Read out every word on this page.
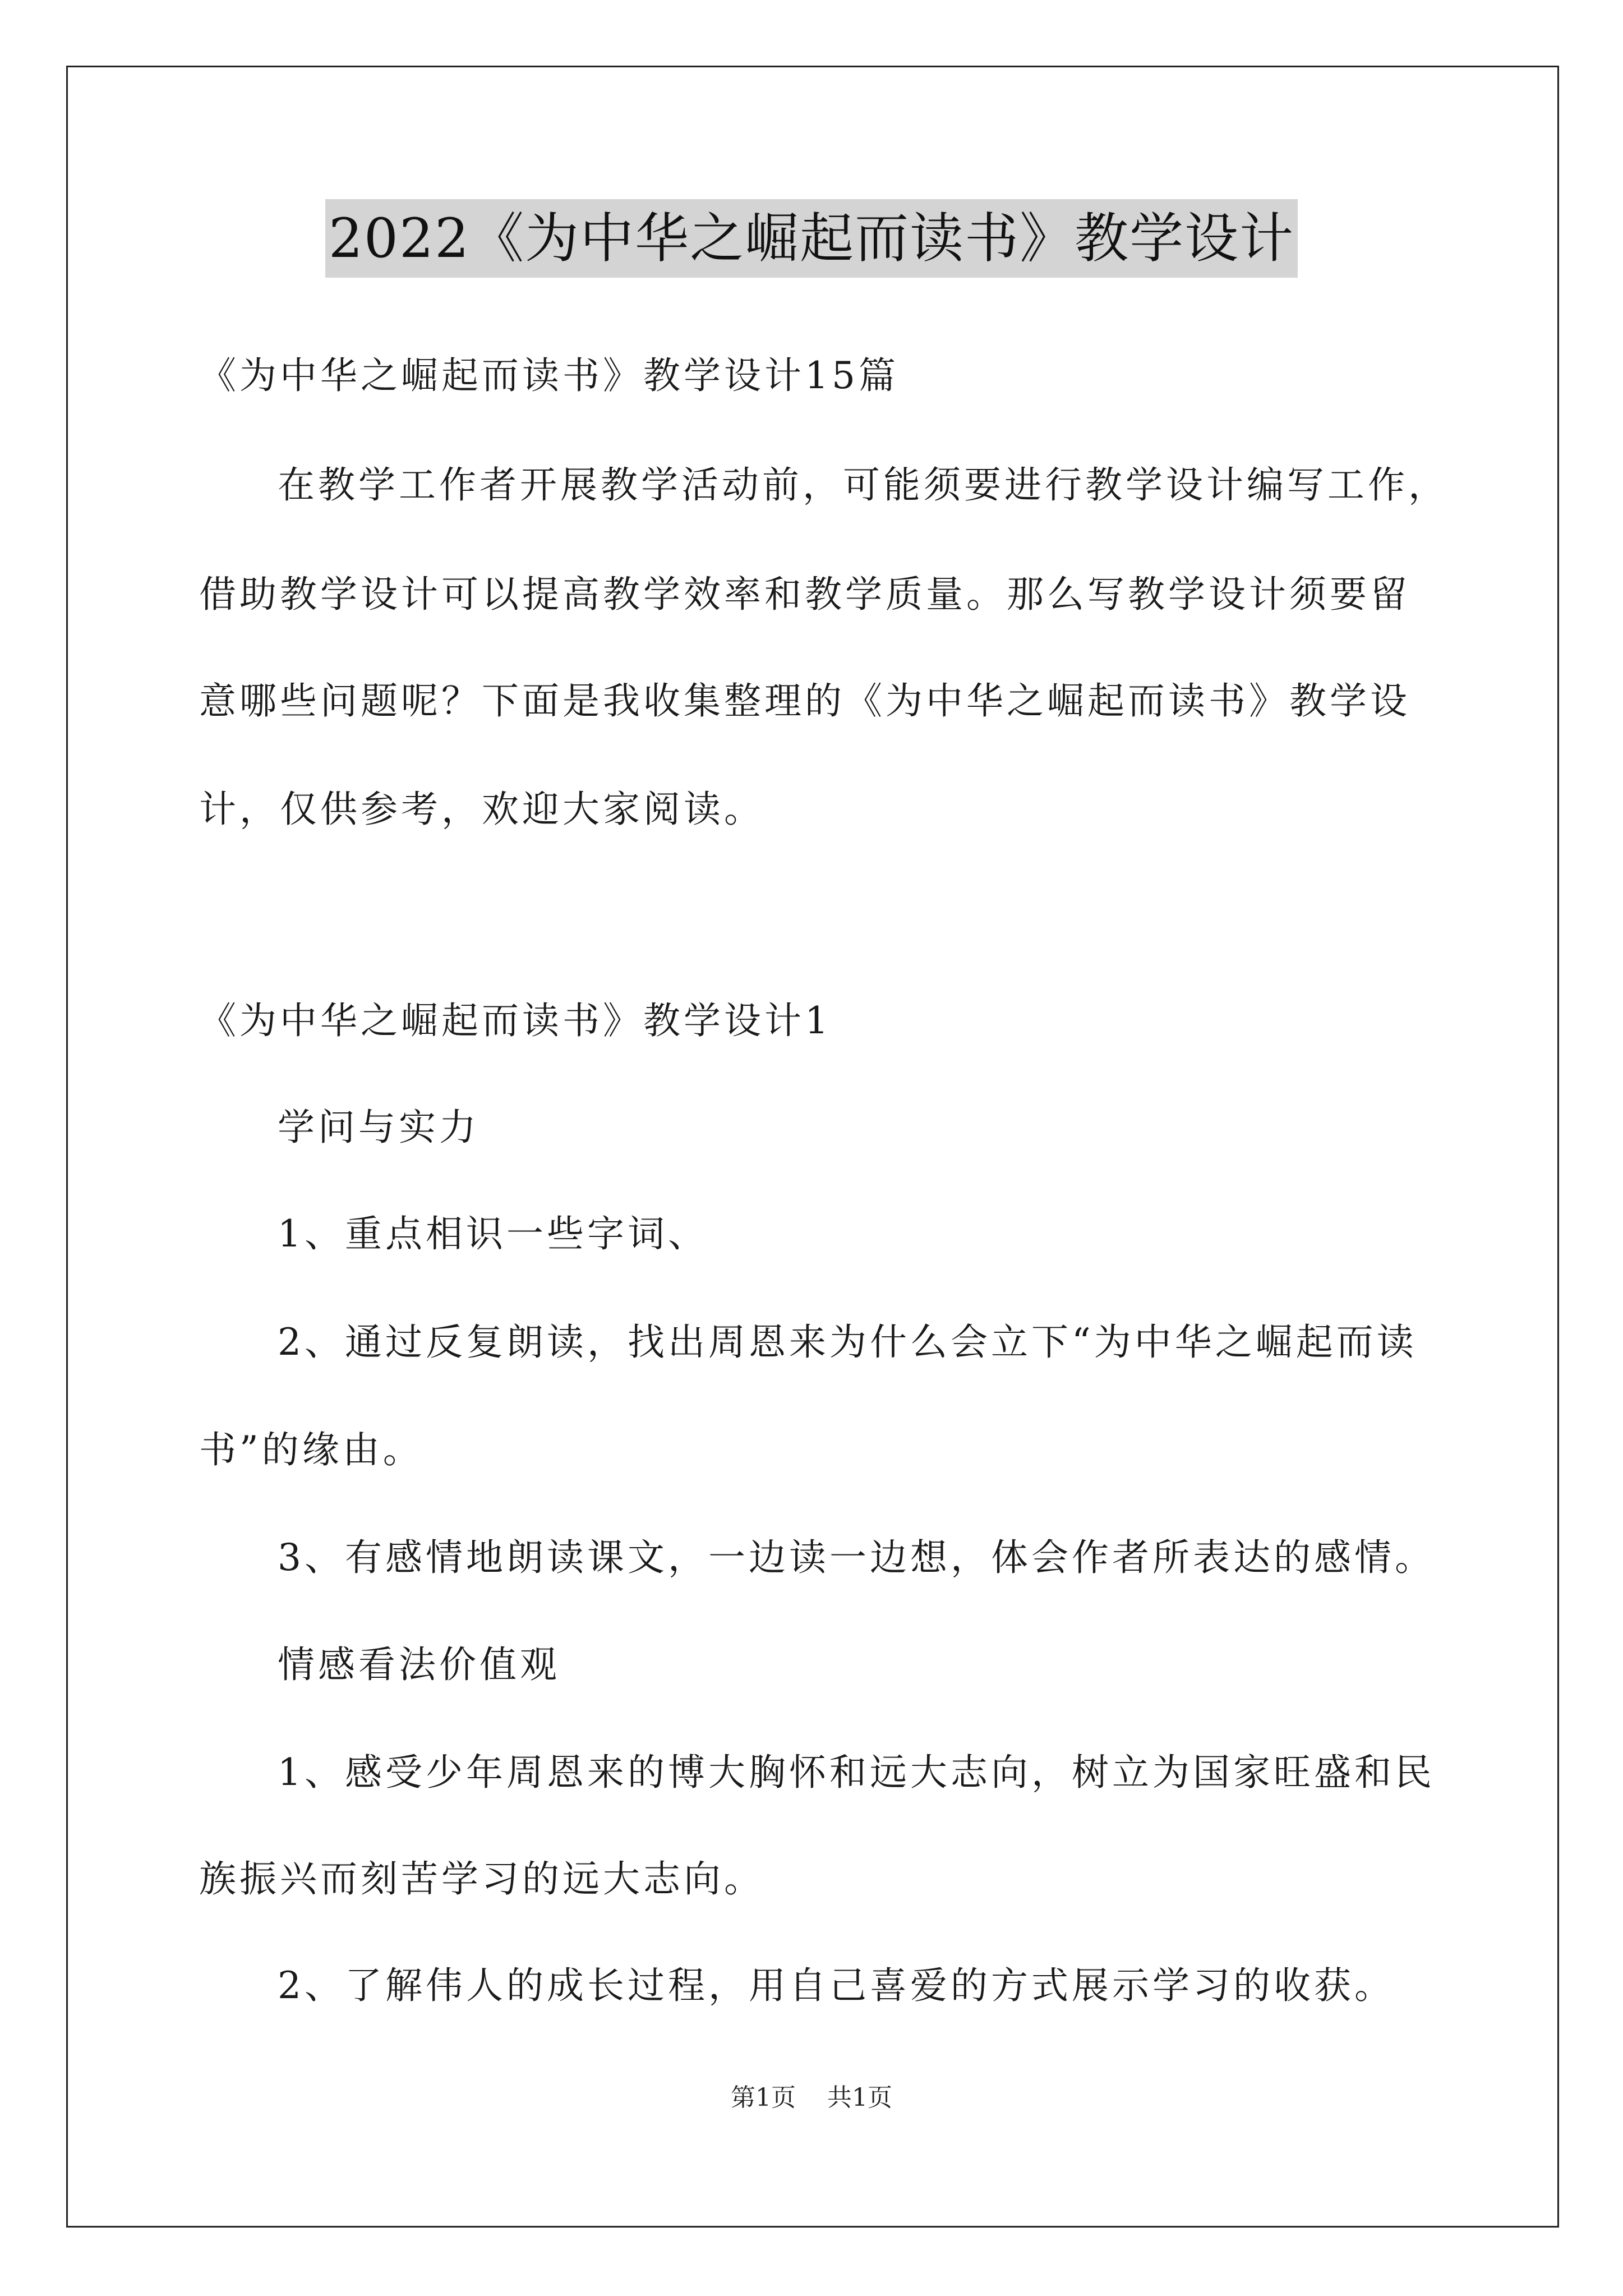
2022《为中华之崛起而读书》教学设计
《为中华之崛起而读书》教学设计15篇
在教学工作者开展教学活动前，可能须要进行教学设计编写工作，
借助教学设计可以提高教学效率和教学质量。那么写教学设计须要留
意哪些问题呢？下面是我收集整理的《为中华之崛起而读书》教学设
计，仅供参考，欢迎大家阅读。
《为中华之崛起而读书》教学设计1
学问与实力
1、重点相识一些字词、
2、通过反复朗读，找出周恩来为什么会立下“为中华之崛起而读
书”的缘由。
3、有感情地朗读课文，一边读一边想，体会作者所表达的感情。
情感看法价值观
1、感受少年周恩来的博大胸怀和远大志向，树立为国家旺盛和民
族振兴而刻苦学习的远大志向。
2、了解伟人的成长过程，用自己喜爱的方式展示学习的收获。
第1页 共1页
